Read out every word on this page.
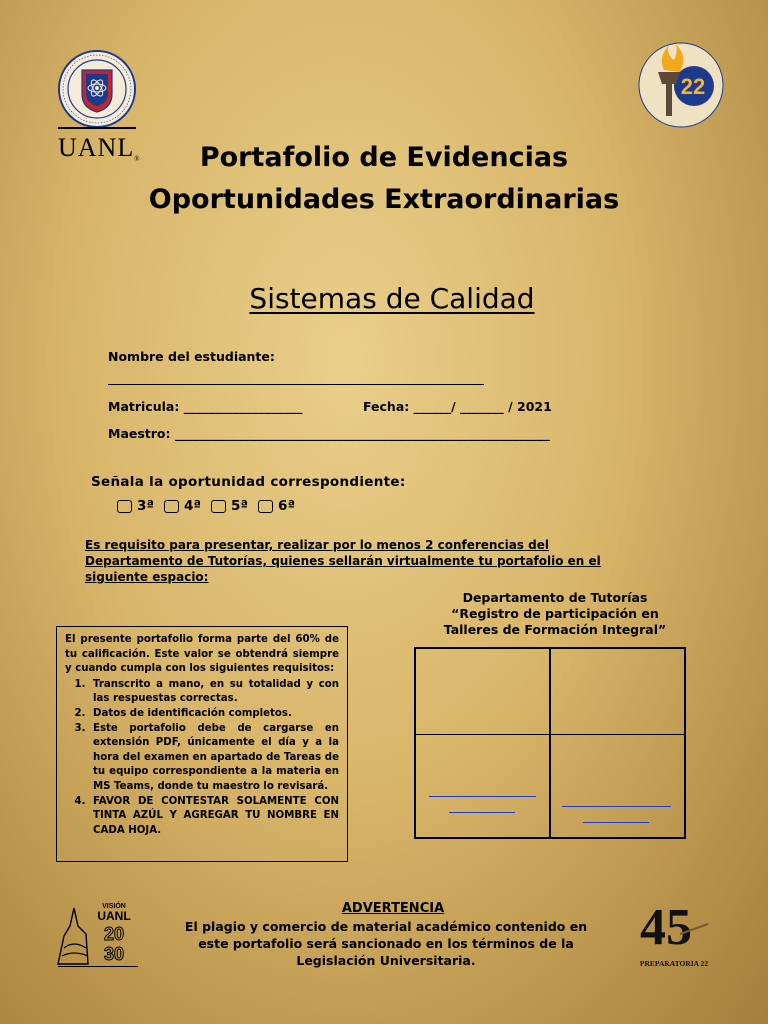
UANL®
22
Portafolio de Evidencias
Oportunidades Extraordinarias
Sistemas de Calidad
Nombre del estudiante:
Matricula: ___________________	Fecha: ______/ _______ / 2021
Maestro: ____________________________________________________________
Señala la oportunidad correspondiente:
3ª 4ª 5ª 6ª
Es requisito para presentar, realizar por lo menos 2 conferencias del Departamento de Tutorías, quienes sellarán virtualmente tu portafolio en el siguiente espacio:
Departamento de Tutorías
“Registro de participación en
Talleres de Formación Integral”
El presente portafolio forma parte del 60% de tu calificación. Este valor se obtendrá siempre y cuando cumpla con los siguientes requisitos:
1. Transcrito a mano, en su totalidad y con las respuestas correctas.
2. Datos de identificación completos.
3. Este portafolio debe de cargarse en extensión PDF, únicamente el día y a la hora del examen en apartado de Tareas de tu equipo correspondiente a la materia en MS Teams, donde tu maestro lo revisará.
4. FAVOR DE CONTESTAR SOLAMENTE CON TINTA AZÚL Y AGREGAR TU NOMBRE EN CADA HOJA.
ADVERTENCIA
El plagio y comercio de material académico contenido en este portafolio será sancionado en los términos de la Legislación Universitaria.
VISIÓN
UANL
20
30	45
PREPARATORIA 22
